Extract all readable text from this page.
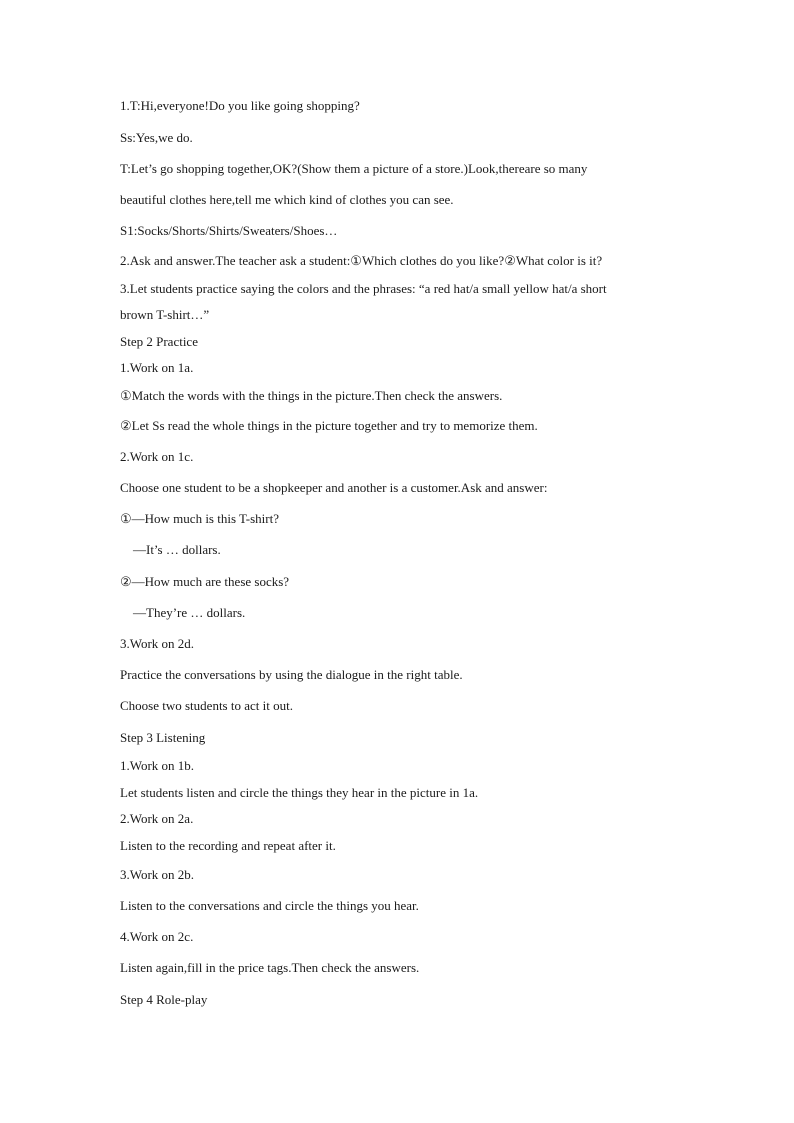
1.T:Hi,everyone!Do you like going shopping?
Ss:Yes,we do.
T:Let’s go shopping together,OK?(Show them a picture of a store.)Look,thereare so many
beautiful clothes here,tell me which kind of clothes you can see.
S1:Socks/Shorts/Shirts/Sweaters/Shoes…
2.Ask and answer.The teacher ask a student:①Which clothes do you like?②What color is it?
3.Let students practice saying the colors and the phrases: “a red hat/a small yellow hat/a short
brown T-shirt…”
Step 2 Practice
1.Work on 1a.
①Match the words with the things in the picture.Then check the answers.
②Let Ss read the whole things in the picture together and try to memorize them.
2.Work on 1c.
Choose one student to be a shopkeeper and another is a customer.Ask and answer:
①—How much is this T-shirt?
—It’s … dollars.
②—How much are these socks?
—They’re … dollars.
3.Work on 2d.
Practice the conversations by using the dialogue in the right table.
Choose two students to act it out.
Step 3 Listening
1.Work on 1b.
Let students listen and circle the things they hear in the picture in 1a.
2.Work on 2a.
Listen to the recording and repeat after it.
3.Work on 2b.
Listen to the conversations and circle the things you hear.
4.Work on 2c.
Listen again,fill in the price tags.Then check the answers.
Step 4 Role-play
